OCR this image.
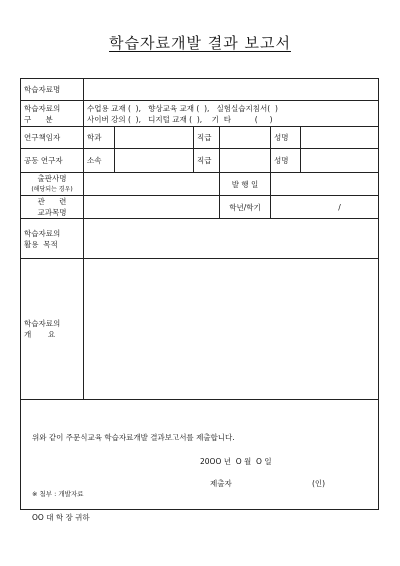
학습자료개발 결과 보고서
학습자료명						

학습자료의
구      분	수업용 교재 (  ),   향상교육 교재 (  ),   실험실습지침서(  )
사이버 강의 (  ),   디지털 교재 (  ),    기  타          (     )					

연구책임자	학과		직급		성명	
공동 연구자	소속		직급		성명	

출판사명
(해당되는 경우)				발 행 일		

관      련
교과목명				학년/학기	/	

학습자료의
활용  목적						

학습자료의
개       요						

위와 같이 주문식교육 학습자료개발 결과보고서를 제출합니다.
20OO 년  O 월  O 일
제출자	(인)
※ 첨부 : 개발자료
OO 대 학 장 귀하
